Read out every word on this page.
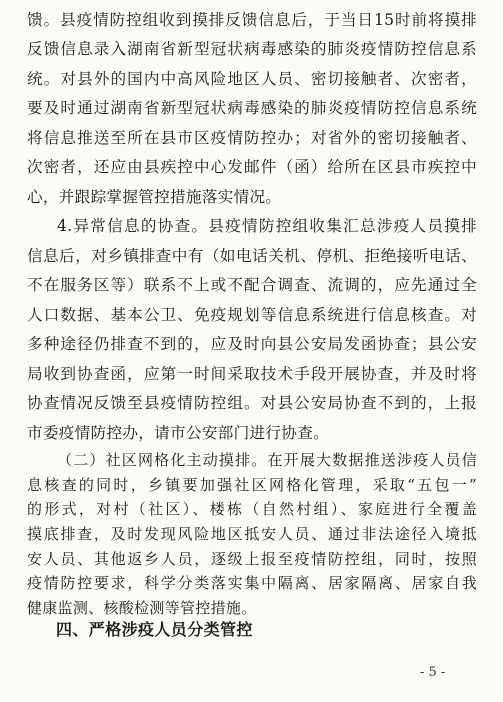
馈。县疫情防控组收到摸排反馈信息后，于当日15时前将摸排

反馈信息录入湖南省新型冠状病毒感染的肺炎疫情防控信息系

统。对县外的国内中高风险地区人员、密切接触者、次密者，

要及时通过湖南省新型冠状病毒感染的肺炎疫情防控信息系统

将信息推送至所在县市区疫情防控办；对省外的密切接触者、

次密者，还应由县疾控中心发邮件（函）给所在区县市疾控中

心，并跟踪掌握管控措施落实情况。

4.异常信息的协查。县疫情防控组收集汇总涉疫人员摸排

信息后，对乡镇排查中有（如电话关机、停机、拒绝接听电话、

不在服务区等）联系不上或不配合调查、流调的，应先通过全

人口数据、基本公卫、免疫规划等信息系统进行信息核查。对

多种途径仍排查不到的，应及时向县公安局发函协查；县公安

局收到协查函，应第一时间采取技术手段开展协查，并及时将

协查情况反馈至县疫情防控组。对县公安局协查不到的，上报

市委疫情防控办，请市公安部门进行协查。

（二）社区网格化主动摸排。在开展大数据推送涉疫人员信

息核查的同时，乡镇要加强社区网格化管理，采取“五包一”

的形式，对村（社区）、楼栋（自然村组）、家庭进行全覆盖

摸底排查，及时发现风险地区抵安人员、通过非法途径入境抵

安人员、其他返乡人员，逐级上报至疫情防控组，同时，按照

疫情防控要求，科学分类落实集中隔离、居家隔离、居家自我

健康监测、核酸检测等管控措施。

四、严格涉疫人员分类管控

- 5 -
